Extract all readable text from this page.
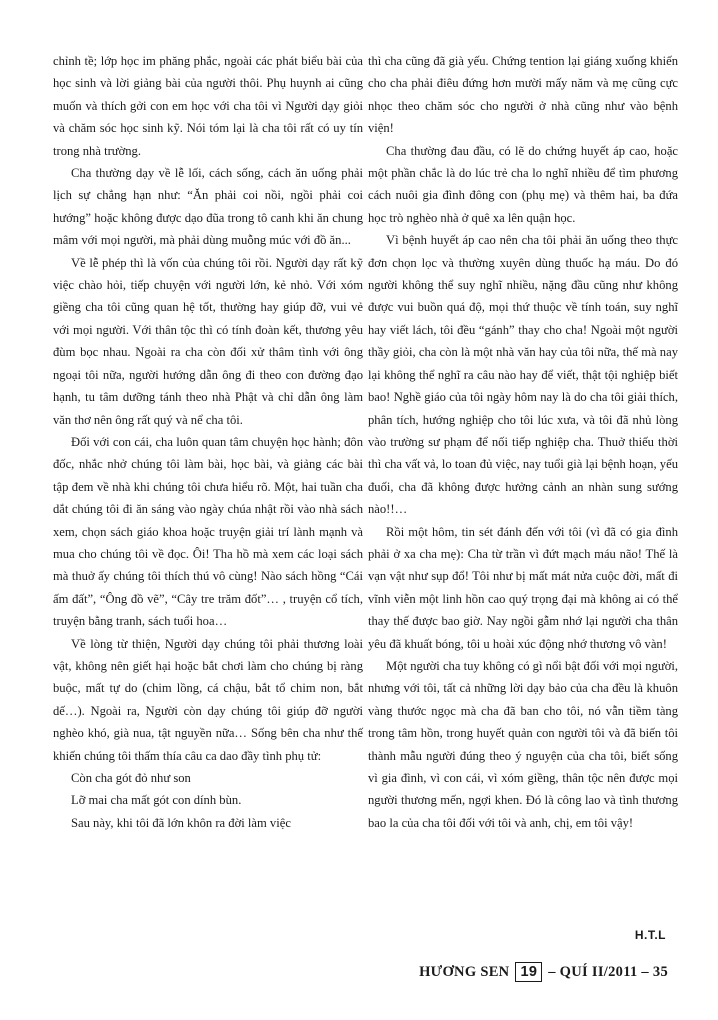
chỉnh tề; lớp học im phăng phắc, ngoài các phát biểu bài của học sinh và lời giảng bài của người thôi. Phụ huynh ai cũng muốn và thích gởi con em học với cha tôi vì Người dạy giỏi và chăm sóc học sinh kỹ. Nói tóm lại là cha tôi rất có uy tín trong nhà trường.

Cha thường dạy về lễ lối, cách sống, cách ăn uống phải lịch sự chẳng hạn như: “Ăn phải coi nồi, ngồi phải coi hướng” hoặc không được dạo đũa trong tô canh khi ăn chung mâm với mọi người, mà phải dùng muỗng múc với đồ ăn...

Về lễ phép thì là vốn của chúng tôi rồi. Người dạy rất kỹ việc chào hỏi, tiếp chuyện với người lớn, kẻ nhỏ. Với xóm giềng cha tôi cũng quan hệ tốt, thường hay giúp đỡ, vui vẻ với mọi người. Với thân tộc thì có tính đoàn kết, thương yêu đùm bọc nhau. Ngoài ra cha còn đối xử thâm tình với ông ngoại tôi nữa, người hướng dẫn ông đi theo con đường đạo hạnh, tu tâm dưỡng tánh theo nhà Phật và chỉ dẫn ông làm văn thơ nên ông rất quý và nể cha tôi.

Đối với con cái, cha luôn quan tâm chuyện học hành; đôn đốc, nhắc nhở chúng tôi làm bài, học bài, và giảng các bài tập đem về nhà khi chúng tôi chưa hiểu rõ. Một, hai tuần cha dắt chúng tôi đi ăn sáng vào ngày chúa nhật rồi vào nhà sách xem, chọn sách giáo khoa hoặc truyện giải trí lành mạnh và mua cho chúng tôi về đọc. Ôi! Tha hồ mà xem các loại sách mà thuở ấy chúng tôi thích thú vô cùng! Nào sách hồng “Cái ấm đất”, “Ông đồ vẽ”, “Cây tre trăm đốt”… , truyện cổ tích, truyện bằng tranh, sách tuổi hoa…

Về lòng từ thiện, Người dạy chúng tôi phải thương loài vật, không nên giết hại hoặc bắt chơi làm cho chúng bị ràng buộc, mất tự do (chim lồng, cá chậu, bắt tổ chim non, bắt dế…). Ngoài ra, Người còn dạy chúng tôi giúp đỡ người nghèo khó, già nua, tật nguyền nữa… Sống bên cha như thế khiến chúng tôi thấm thía câu ca dao đầy tình phụ tử:

Còn cha gót đỏ như son

Lỡ mai cha mất gót con dính bùn.

Sau này, khi tôi đã lớn khôn ra đời làm việc

thì cha cũng đã già yếu. Chứng tention lại giáng xuống khiến cho cha phải điêu đứng hơn mười mấy năm và mẹ cũng cực nhọc theo chăm sóc cho người ở nhà cũng như vào bệnh viện!

Cha thường đau đầu, có lẽ do chứng huyết áp cao, hoặc một phần chắc là do lúc trẻ cha lo nghĩ nhiều để tìm phương cách nuôi gia đình đông con (phụ mẹ) và thêm hai, ba đứa học trò nghèo nhà ở quê xa lên quận học.

Vì bệnh huyết áp cao nên cha tôi phải ăn uống theo thực đơn chọn lọc và thường xuyên dùng thuốc hạ máu. Do đó người không thể suy nghĩ nhiều, nặng đầu cũng như không được vui buồn quá độ, mọi thứ thuộc về tính toán, suy nghĩ hay viết lách, tôi đều “gánh” thay cho cha! Ngoài một người thầy giỏi, cha còn là một nhà văn hay của tôi nữa, thế mà nay lại không thể nghĩ ra câu nào hay để viết, thật tội nghiệp biết bao! Nghề giáo của tôi ngày hôm nay là do cha tôi giải thích, phân tích, hướng nghiệp cho tôi lúc xưa, và tôi đã nhủ lòng vào trường sư phạm để nối tiếp nghiệp cha. Thuở thiếu thời thì cha vất vả, lo toan đủ việc, nay tuổi già lại bệnh hoạn, yếu đuối, cha đã không được hưởng cảnh an nhàn sung sướng nào!!…

Rồi một hôm, tin sét đánh đến với tôi (vì đã có gia đình phải ở xa cha mẹ): Cha từ trần vì đứt mạch máu não! Thế là vạn vật như sụp đổ! Tôi như bị mất mát nửa cuộc đời, mất đi vĩnh viễn một linh hồn cao quý trọng đại mà không ai có thể thay thế được bao giờ. Nay ngồi gẫm nhớ lại người cha thân yêu đã khuất bóng, tôi u hoài xúc động nhớ thương vô vàn!

Một người cha tuy không có gì nổi bật đối với mọi người, nhưng với tôi, tất cả những lời dạy bảo của cha đều là khuôn vàng thước ngọc mà cha đã ban cho tôi, nó vẫn tiềm tàng trong tâm hồn, trong huyết quản con người tôi và đã biến tôi thành mẫu người đúng theo ý nguyện của cha tôi, biết sống vì gia đình, vì con cái, vì xóm giềng, thân tộc nên được mọi người thương mến, ngợi khen. Đó là công lao và tình thương bao la của cha tôi đối với tôi và anh, chị, em tôi vậy!

H.T.L
HƯƠNG SEN 19 – QUÍ II/2011 – 35
